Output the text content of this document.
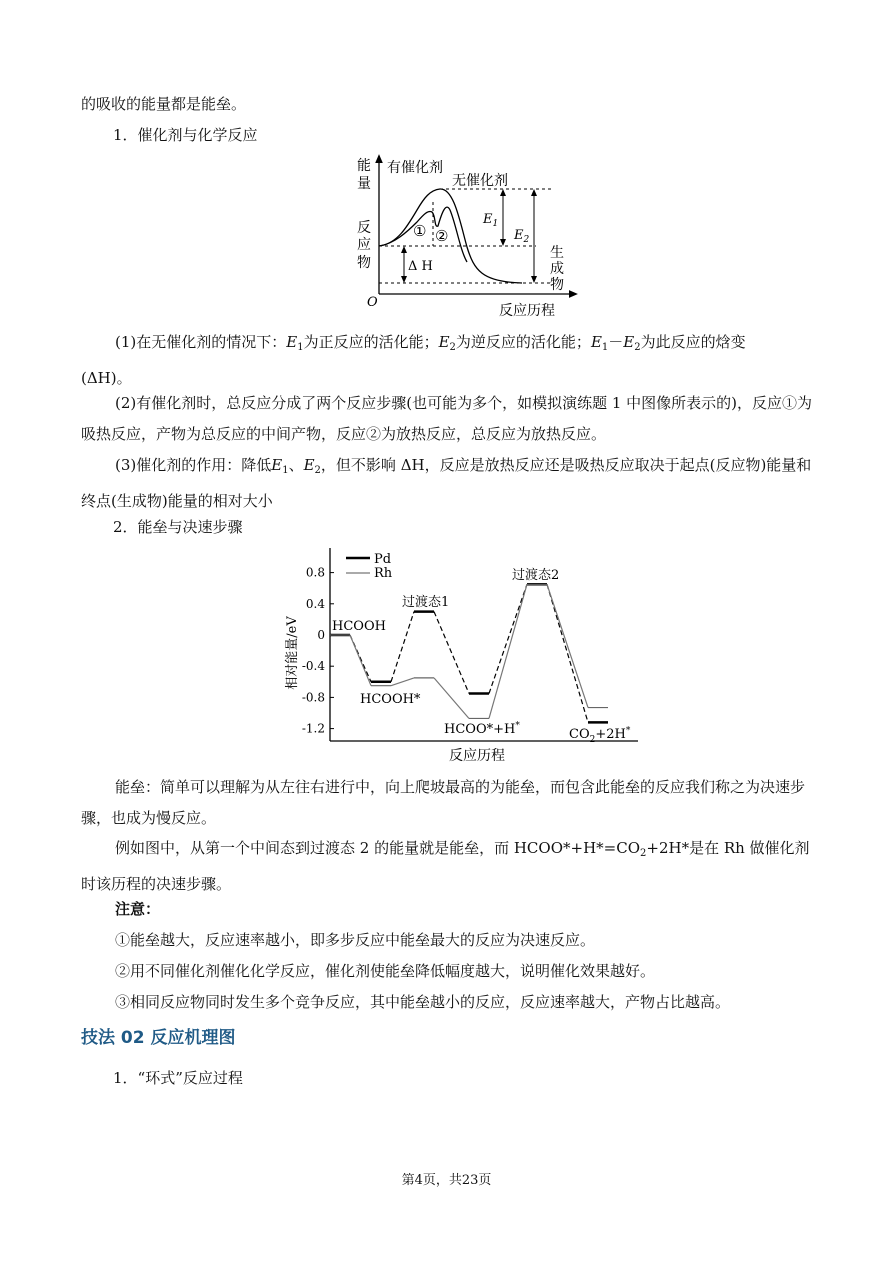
的吸收的能量都是能垒。
1．催化剂与化学反应
能
量
反
应
物
生
成
物
有催化剂
无催化剂
$E_1$
$E_2$
Δ H
① ②
O
反应历程
(1)在无催化剂的情况下：$E_1$为正反应的活化能；$E_2$为逆反应的活化能；$E_1-E_2$为此反应的焓变
(ΔH)。
(2)有催化剂时，总反应分成了两个反应步骤(也可能为多个，如模拟演练题 1 中图像所表示的)，反应①为吸热反应，产物为总反应的中间产物，反应②为放热反应，总反应为放热反应。
(3)催化剂的作用：降低$E_1$、$E_2$，但不影响 ΔH，反应是放热反应还是吸热反应取决于起点(反应物)能量和终点(生成物)能量的相对大小
2．能垒与决速步骤
Pd
Rh
相对能量/eV
反应历程
HCOOH
HCOOH*
过渡态1
HCOO*+H*
过渡态2
$CO_2+2H^*$
0.8
0.4
0
-0.4
-0.8
-1.2
能垒：简单可以理解为从左往右进行中，向上爬坡最高的为能垒，而包含此能垒的反应我们称之为决速步骤，也成为慢反应。
例如图中，从第一个中间态到过渡态 2 的能量就是能垒，而 $HCOO*+H*=CO_2+2H*$是在 Rh 做催化剂时该历程的决速步骤。
注意：
①能垒越大，反应速率越小，即多步反应中能垒最大的反应为决速反应。
②用不同催化剂催化化学反应，催化剂使能垒降低幅度越大，说明催化效果越好。
③相同反应物同时发生多个竞争反应，其中能垒越小的反应，反应速率越大，产物占比越高。
技法 02 反应机理图
1．“环式”反应过程
第4页，共23页
